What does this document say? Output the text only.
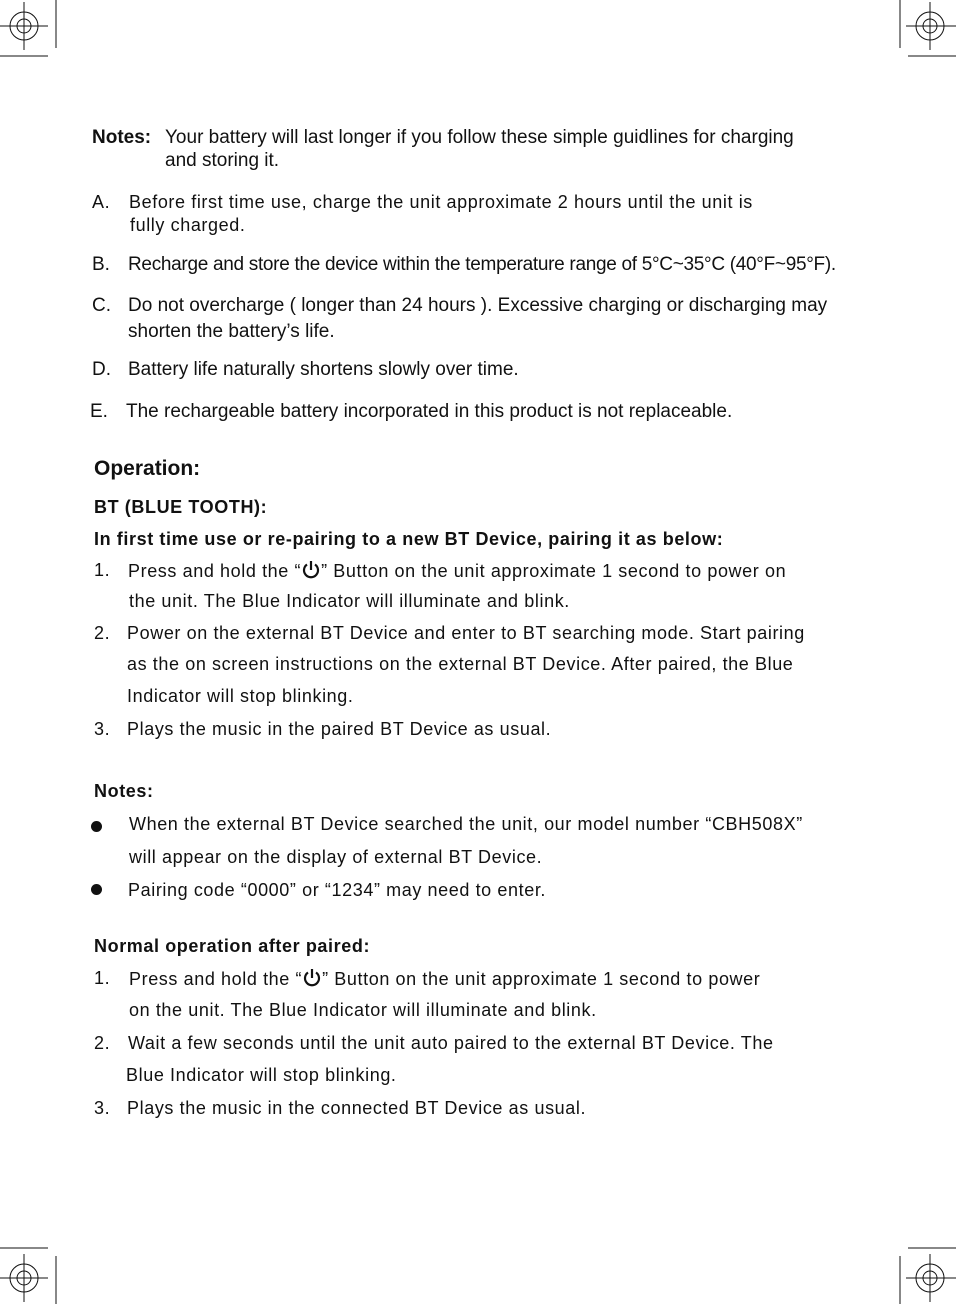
Notes: Your battery will last longer if you follow these simple guidlines for charging
and storing it.
A. Before first time use, charge the unit approximate 2 hours until the unit is
fully charged.
B. Recharge and store the device within the temperature range of 5°C~35°C (40°F~95°F).
C. Do not overcharge ( longer than 24 hours ). Excessive charging or discharging may
shorten the battery’s life.
D. Battery life naturally shortens slowly over time.
E. The rechargeable battery incorporated in this product is not replaceable.
Operation:
BT (BLUE TOOTH):
In first time use or re-pairing to a new BT Device, pairing it as below:
1. Press and hold the “ ” Button on the unit approximate 1 second to power on
the unit. The Blue Indicator will illuminate and blink.
2. Power on the external BT Device and enter to BT searching mode. Start pairing
as the on screen instructions on the external BT Device. After paired, the Blue
Indicator will stop blinking.
3. Plays the music in the paired BT Device as usual.
Notes:
When the external BT Device searched the unit, our model number “CBH508X”
will appear on the display of external BT Device.
Pairing code “0000” or “1234” may need to enter.
Normal operation after paired:
1. Press and hold the “ ” Button on the unit approximate 1 second to power
on the unit. The Blue Indicator will illuminate and blink.
2. Wait a few seconds until the unit auto paired to the external BT Device. The
Blue Indicator will stop blinking.
3. Plays the music in the connected BT Device as usual.
